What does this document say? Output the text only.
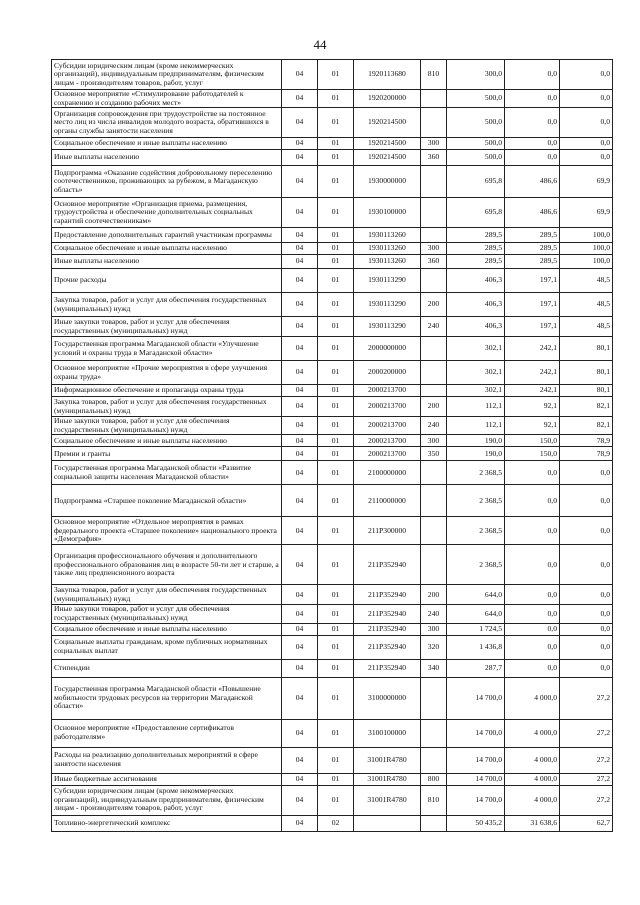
44
Субсидии юридическим лицам (кроме некоммерческих организаций), индивидуальным предпринимателям, физическим лицам - производителям товаров, работ, услуг	04	01	1920113680	810	300,0	0,0	0,0
Основное мероприятие «Стимулирование работодателей к сохранению и созданию рабочих мест»	04	01	1920200000		500,0	0,0	0,0
Организация сопровождения при трудоустройстве на постоянное место лиц из числа инвалидов молодого возраста, обратившихся в органы службы занятости населения	04	01	1920214500		500,0	0,0	0,0
Социальное обеспечение и иные выплаты населению	04	01	1920214500	300	500,0	0,0	0,0
Иные выплаты населению	04	01	1920214500	360	500,0	0,0	0,0
Подпрограмма «Оказание содействия добровольному переселению соотечественников, проживающих за рубежом, в Магаданскую область»	04	01	1930000000		695,8	486,6	69,9
Основное мероприятие «Организация приема, размещения, трудоустройства и обеспечение дополнительных социальных гарантий соотечественникам»	04	01	1930100000		695,8	486,6	69,9
Предоставление дополнительных гарантий участникам программы	04	01	1930113260		289,5	289,5	100,0
Социальное обеспечение и иные выплаты населению	04	01	1930113260	300	289,5	289,5	100,0
Иные выплаты населению	04	01	1930113260	360	289,5	289,5	100,0
Прочие расходы	04	01	1930113290		406,3	197,1	48,5
Закупка товаров, работ и услуг для обеспечения государственных (муниципальных) нужд	04	01	1930113290	200	406,3	197,1	48,5
Иные закупки товаров, работ и услуг для обеспечения государственных (муниципальных) нужд	04	01	1930113290	240	406,3	197,1	48,5
Государственная программа Магаданской области «Улучшение условий и охраны труда в Магаданской области»	04	01	2000000000		302,1	242,1	80,1
Основное мероприятие «Прочие мероприятия в сфере улучшения охраны труда»	04	01	2000200000		302,1	242,1	80,1
Информационное обеспечение и пропаганда охраны труда	04	01	2000213700		302,1	242,1	80,1
Закупка товаров, работ и услуг для обеспечения государственных (муниципальных) нужд	04	01	2000213700	200	112,1	92,1	82,1
Иные закупки товаров, работ и услуг для обеспечения государственных (муниципальных) нужд	04	01	2000213700	240	112,1	92,1	82,1
Социальное обеспечение и иные выплаты населению	04	01	2000213700	300	190,0	150,0	78,9
Премии и гранты	04	01	2000213700	350	190,0	150,0	78,9
Государственная программа Магаданской области «Развитие социальной защиты населения Магаданской области»	04	01	2100000000		2 368,5	0,0	0,0
Подпрограмма «Старшее поколение Магаданской области»	04	01	2110000000		2 368,5	0,0	0,0
Основное мероприятие «Отдельное мероприятия в рамках федерального проекта «Старшее поколение» национального проекта «Демография»	04	01	211P300000		2 368,5	0,0	0,0
Организация профессионального обучения и дополнительного профессионального образования лиц в возрасте 50-ти лет и старше, а также лиц предпенсионного возраста	04	01	211P352940		2 368,5	0,0	0,0
Закупка товаров, работ и услуг для обеспечения государственных (муниципальных) нужд	04	01	211P352940	200	644,0	0,0	0,0
Иные закупки товаров, работ и услуг для обеспечения государственных (муниципальных) нужд	04	01	211P352940	240	644,0	0,0	0,0
Социальное обеспечение и иные выплаты населению	04	01	211P352940	300	1 724,5	0,0	0,0
Социальные выплаты гражданам, кроме публичных нормативных социальных выплат	04	01	211P352940	320	1 436,8	0,0	0,0
Стипендии	04	01	211P352940	340	287,7	0,0	0,0
Государственная программа Магаданской области «Повышение мобильности трудовых ресурсов на территории Магаданской области»	04	01	3100000000		14 700,0	4 000,0	27,2
Основное мероприятие «Предоставление сертификатов работодателям»	04	01	3100100000		14 700,0	4 000,0	27,2
Расходы на реализацию дополнительных мероприятий в сфере занятости населения	04	01	31001R4780		14 700,0	4 000,0	27,2
Иные бюджетные ассигнования	04	01	31001R4780	800	14 700,0	4 000,0	27,2
Субсидии юридическим лицам (кроме некоммерческих организаций), индивидуальным предпринимателям, физическим лицам - производителям товаров, работ, услуг	04	01	31001R4780	810	14 700,0	4 000,0	27,2
Топливно-энергетический комплекс	04	02			50 435,2	31 638,6	62,7
